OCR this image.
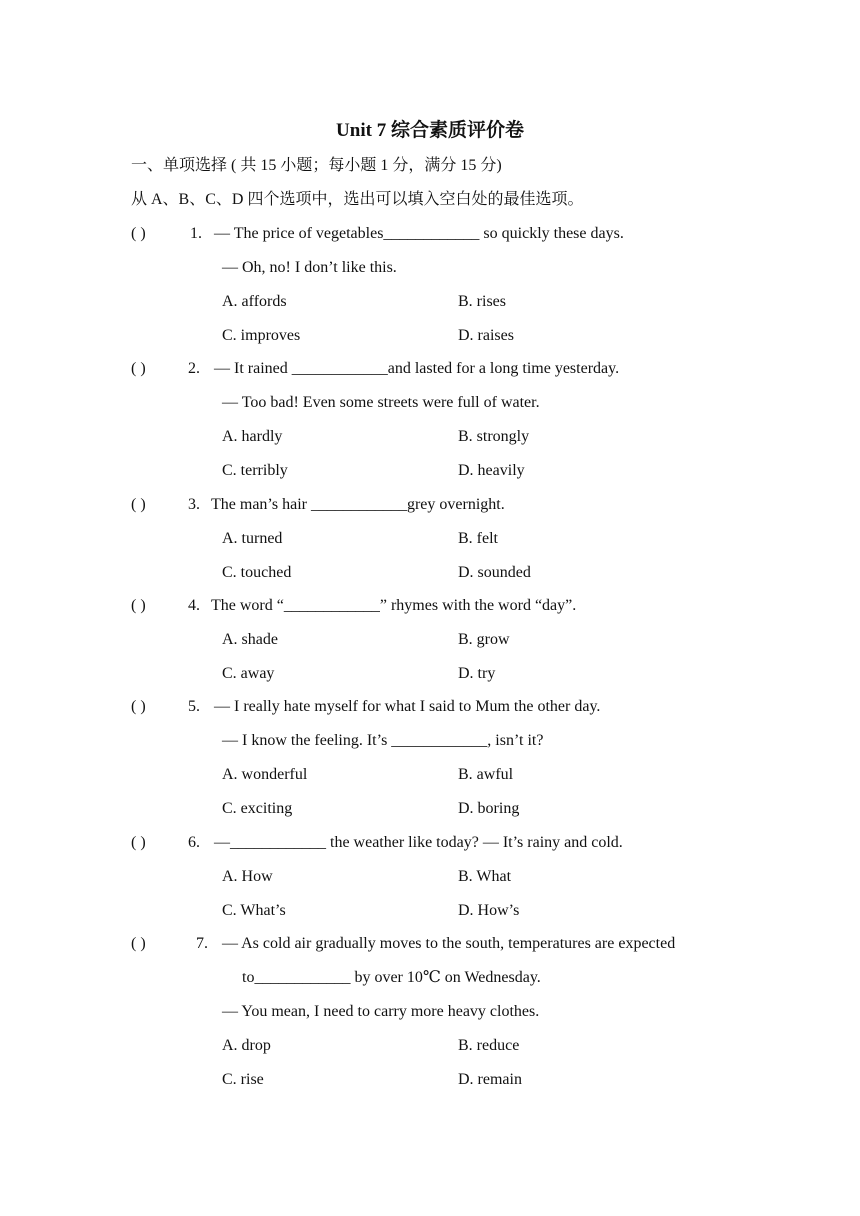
Unit 7 综合素质评价卷
一、单项选择 ( 共 15 小题；每小题 1 分，满分 15 分)
从 A、B、C、D 四个选项中，选出可以填入空白处的最佳选项。
( )	1. — The price of vegetables____________ so quickly these days.
— Oh, no! I don’t like this.
A. affords	B. rises
C. improves	D. raises
( )	2. — It rained ____________and lasted for a long time yesterday.
— Too bad! Even some streets were full of water.
A. hardly	B. strongly
C. terribly	D. heavily
( )	3. The man’s hair ____________grey overnight.
A. turned	B. felt
C. touched	D. sounded
( )	4. The word “____________” rhymes with the word “day”.
A. shade	B. grow
C. away	D. try
( )	5. — I really hate myself for what I said to Mum the other day.
— I know the feeling. It’s ____________, isn’t it?
A. wonderful	B. awful
C. exciting	D. boring
( )	6. —____________ the weather like today? — It’s rainy and cold.
A. How	B. What
C. What’s	D. How’s
( )	7. — As cold air gradually moves to the south, temperatures are expected
to____________ by over 10℃ on Wednesday.
— You mean, I need to carry more heavy clothes.
A. drop	B. reduce
C. rise	D. remain
